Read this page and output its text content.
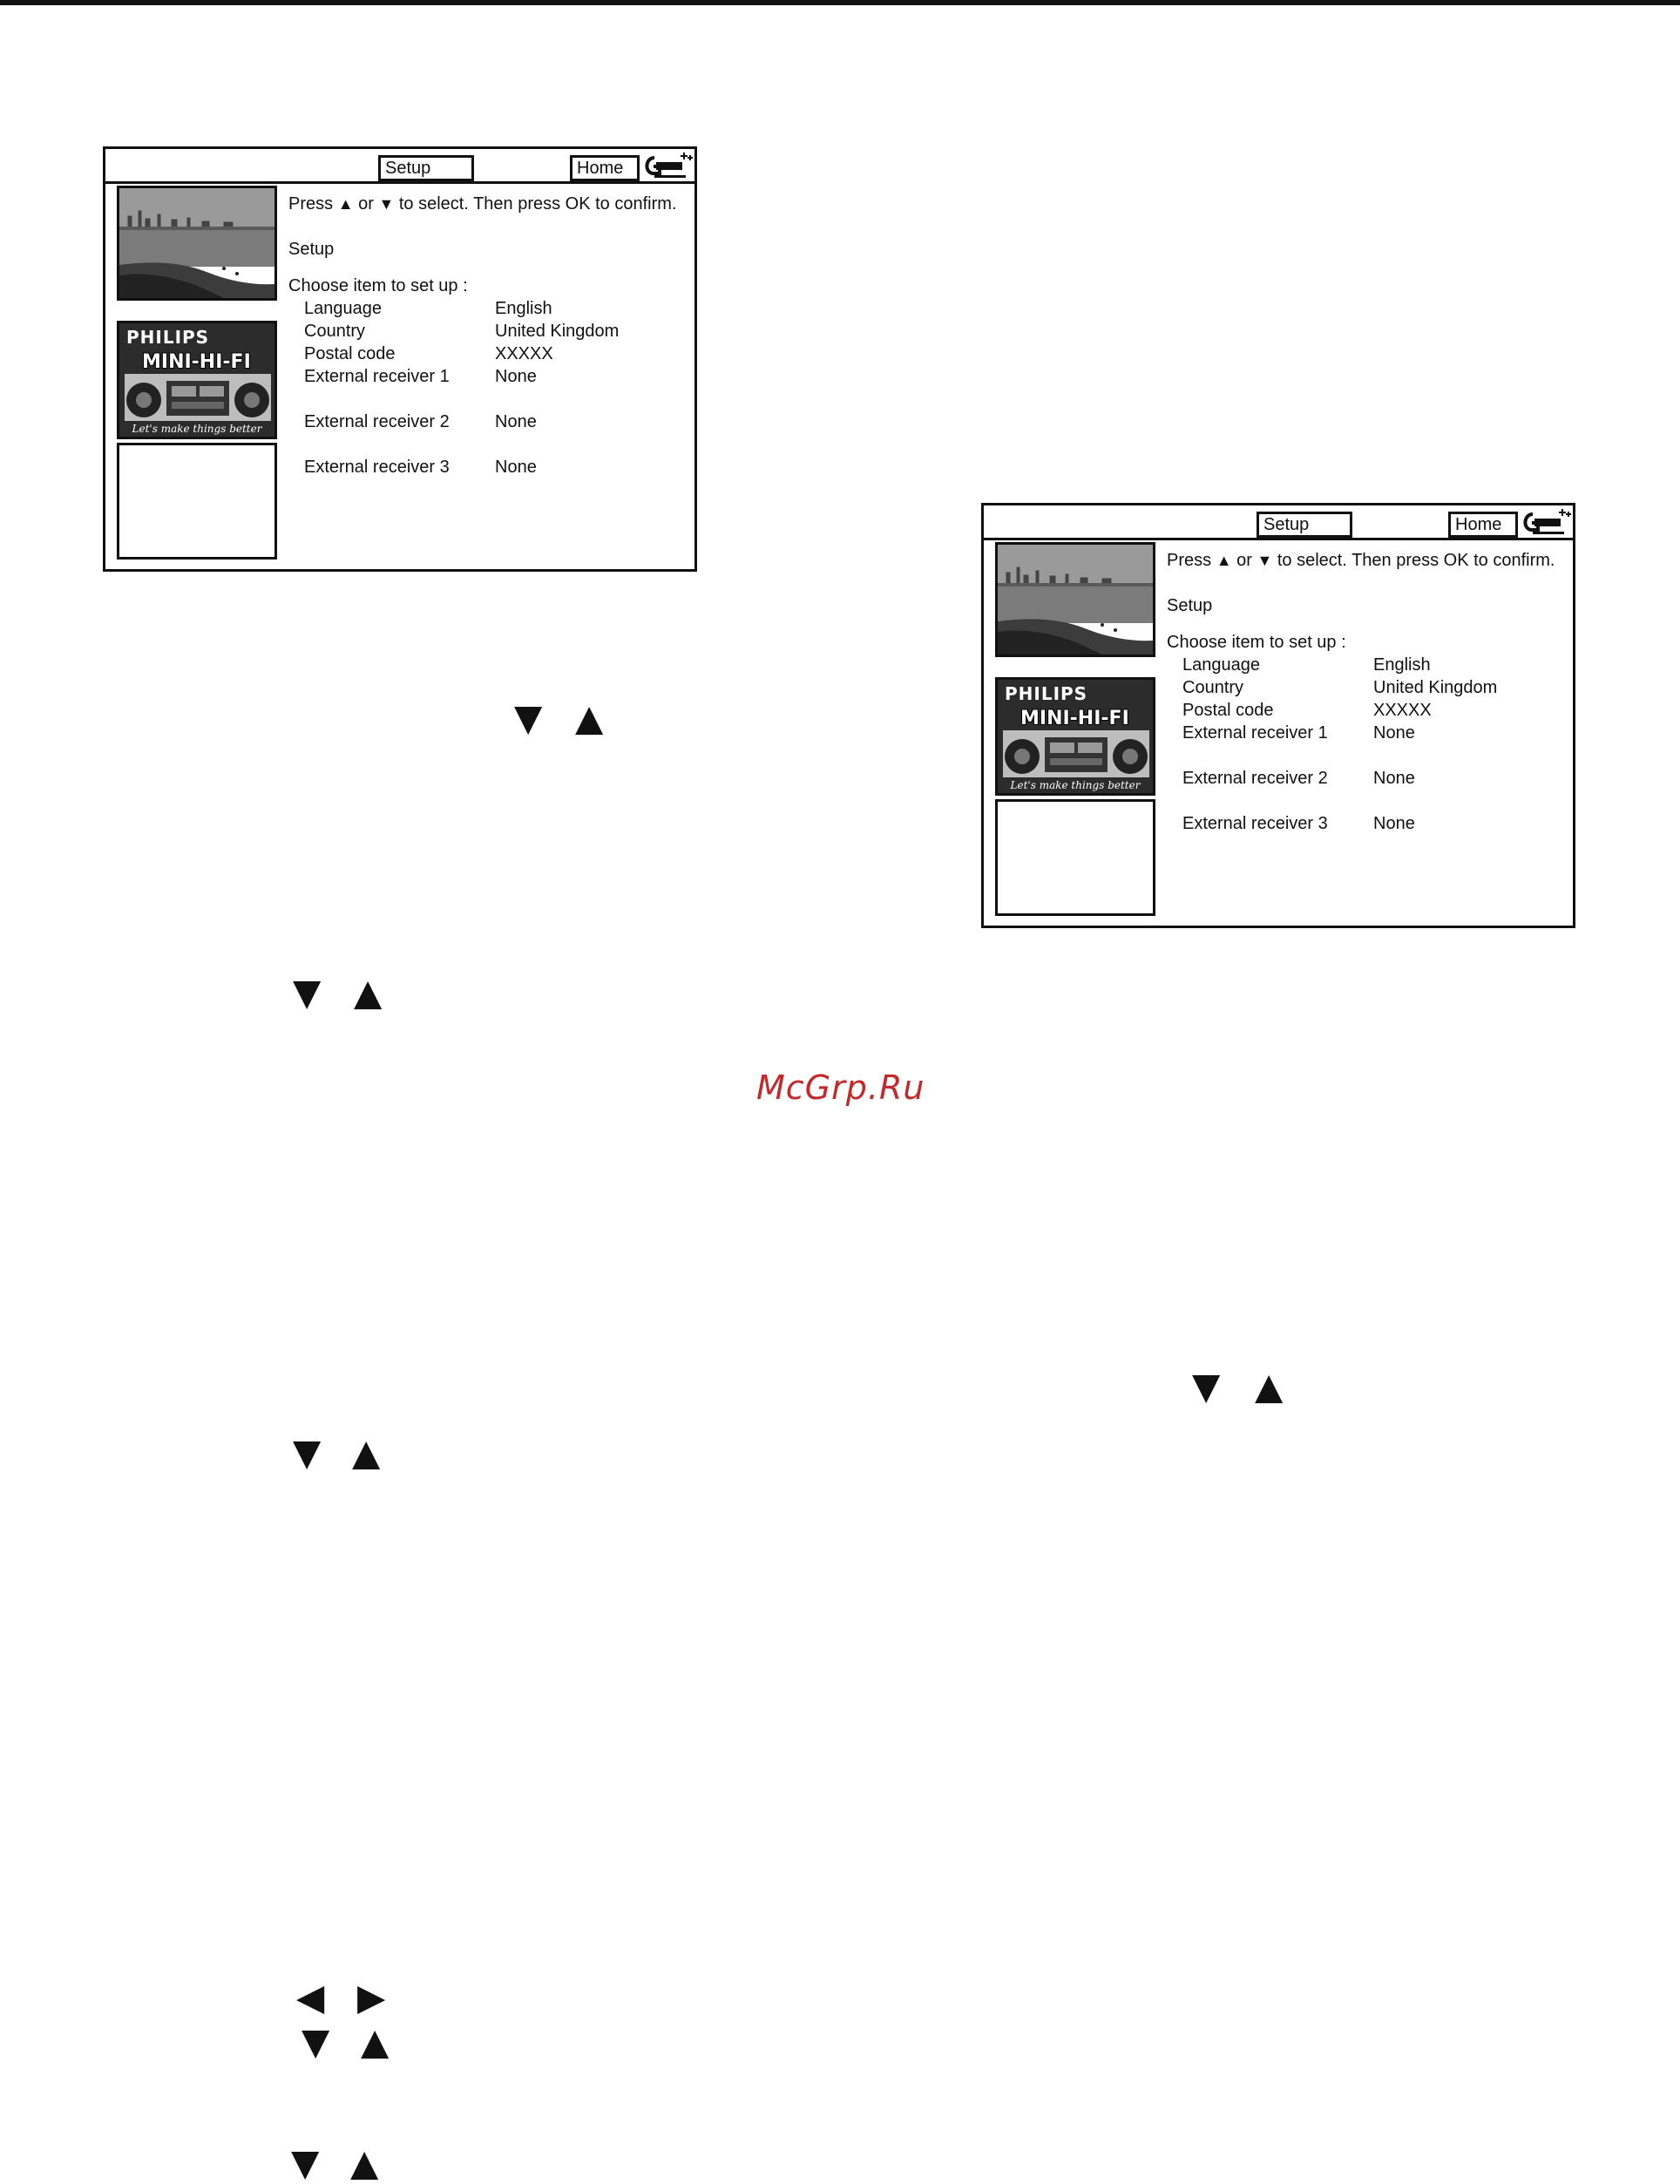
Setup	Home
PHILIPS
MINI-HI-FI
Let's make things better
Press ▲ or ▼ to select. Then press OK to confirm.
Setup
Choose item to set up :
Language	English
Country	United Kingdom
Postal code	XXXXX
External receiver 1	None
External receiver 2	None
External receiver 3	None
Setup	Home
PHILIPS
MINI-HI-FI
Let's make things better
Press ▲ or ▼ to select. Then press OK to confirm.
Setup
Choose item to set up :
Language	English
Country	United Kingdom
Postal code	XXXXX
External receiver 1	None
External receiver 2	None
External receiver 3	None
▼ ▲
▼ ▲
▼ ▲
▼ ▲
◀ ▶
▼ ▲
▼ ▲
McGrp.Ru
